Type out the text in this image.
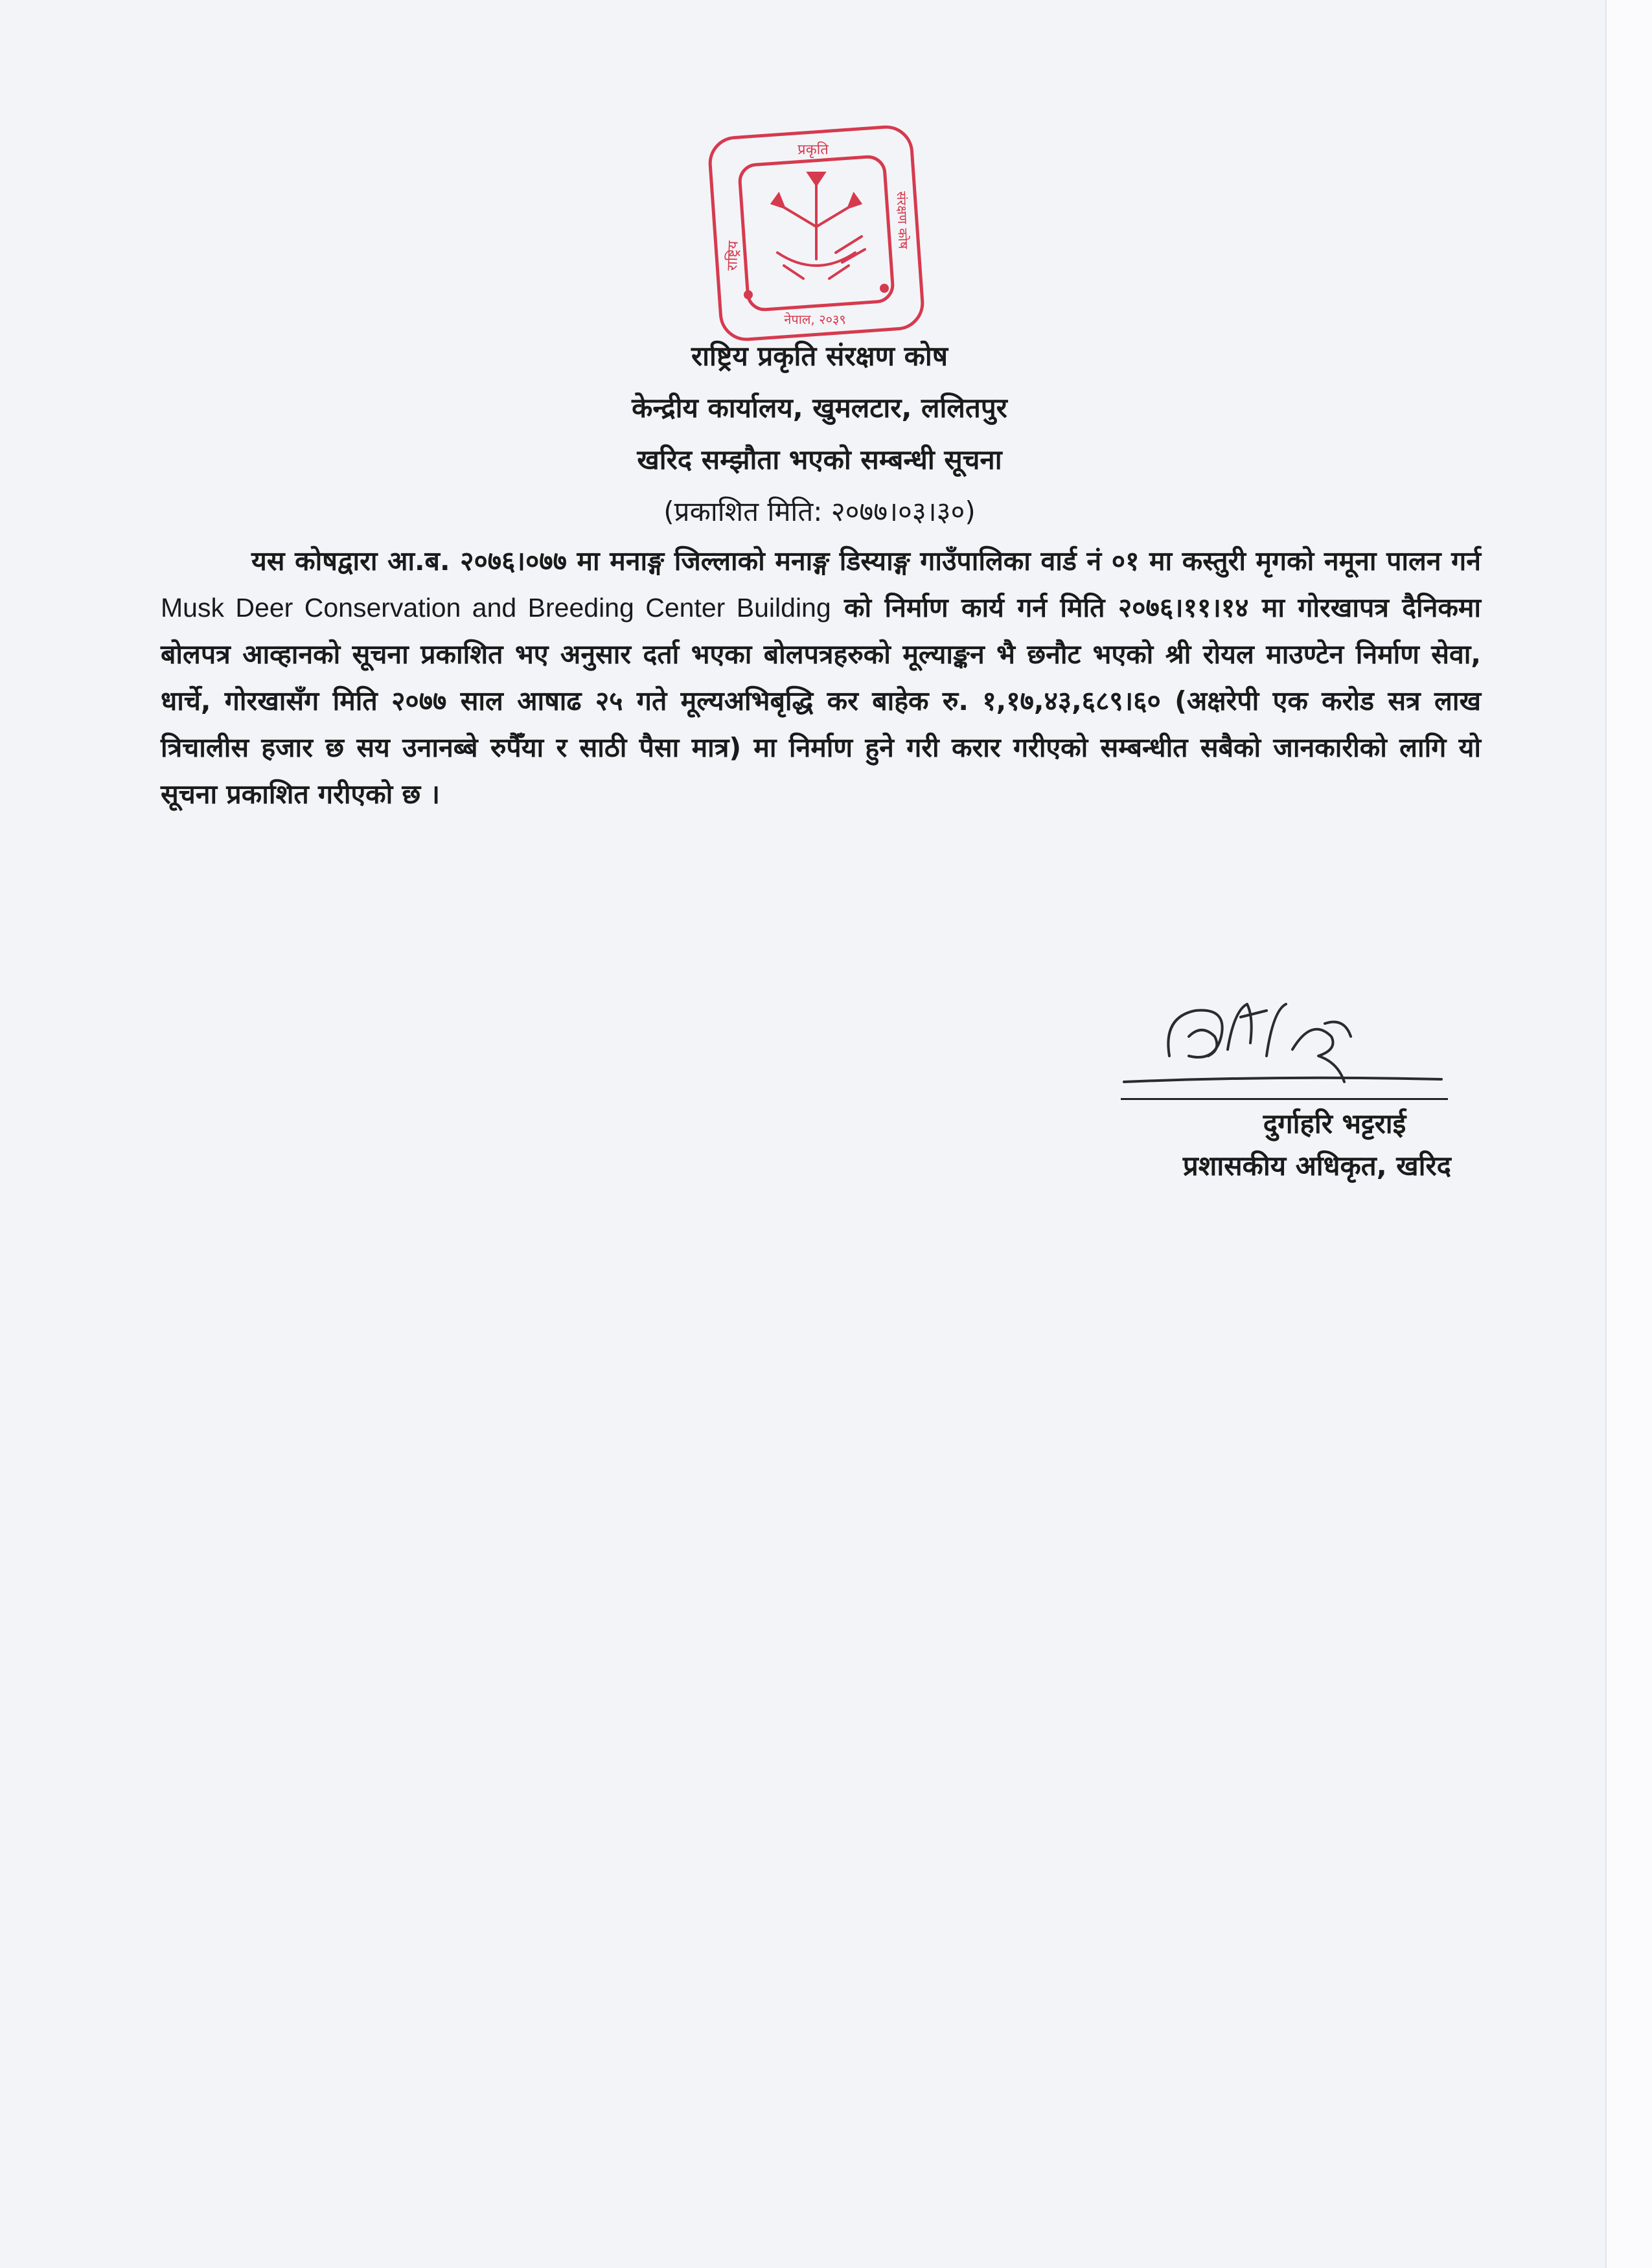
प्रकृति
नेपाल, २०३९
राष्ट्रिय
संरक्षण कोष
राष्ट्रिय प्रकृति संरक्षण कोष
केन्द्रीय कार्यालय, खुमलटार, ललितपुर
खरिद सम्झौता भएको सम्बन्धी सूचना
(प्रकाशित मिति: २०७७।०३।३०)
यस कोषद्वारा आ.ब. २०७६।०७७ मा मनाङ्ग जिल्लाको मनाङ्ग डिस्याङ्ग गाउँपालिका वार्ड नं ०१ मा कस्तुरी मृगको नमूना पालन गर्न Musk Deer Conservation and Breeding Center Building को निर्माण कार्य गर्न मिति २०७६।११।१४ मा गोरखापत्र दैनिकमा बोलपत्र आव्हानको सूचना प्रकाशित भए अनुसार दर्ता भएका बोलपत्रहरुको मूल्याङ्कन भै छनौट भएको श्री रोयल माउण्टेन निर्माण सेवा, धार्चे, गोरखासँग मिति २०७७ साल आषाढ २५ गते मूल्यअभिबृद्धि कर बाहेक रु. १,१७,४३,६८९।६० (अक्षरेपी एक करोड सत्र लाख त्रिचालीस हजार छ सय उनानब्बे रुपैँया र साठी पैसा मात्र) मा निर्माण हुने गरी करार गरीएको सम्बन्धीत सबैको जानकारीको लागि यो सूचना प्रकाशित गरीएको छ ।
दुर्गाहरि भट्टराई
प्रशासकीय अधिकृत, खरिद
